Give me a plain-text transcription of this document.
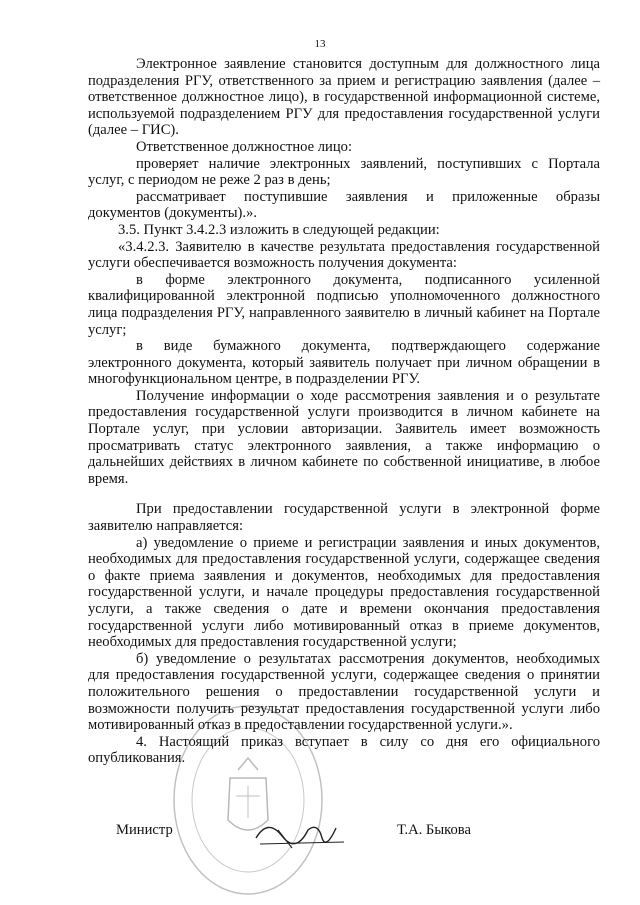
13

Электронное заявление становится доступным для должностного лица подразделения РГУ, ответственного за прием и регистрацию заявления (далее – ответственное должностное лицо), в государственной информационной системе, используемой подразделением РГУ для предоставления государственной услуги (далее – ГИС).

Ответственное должностное лицо:

проверяет наличие электронных заявлений, поступивших с Портала услуг, с периодом не реже 2 раз в день;

рассматривает поступившие заявления и приложенные образы документов (документы).».

3.5. Пункт 3.4.2.3 изложить в следующей редакции:

«3.4.2.3. Заявителю в качестве результата предоставления государственной услуги обеспечивается возможность получения документа:

в форме электронного документа, подписанного усиленной квалифицированной электронной подписью уполномоченного должностного лица подразделения РГУ, направленного заявителю в личный кабинет на Портале услуг;

в виде бумажного документа, подтверждающего содержание электронного документа, который заявитель получает при личном обращении в многофункциональном центре, в подразделении РГУ.

Получение информации о ходе рассмотрения заявления и о результате предоставления государственной услуги производится в личном кабинете на Портале услуг, при условии авторизации. Заявитель имеет возможность просматривать статус электронного заявления, а также информацию о дальнейших действиях в личном кабинете по собственной инициативе, в любое время.

При предоставлении государственной услуги в электронной форме заявителю направляется:

а) уведомление о приеме и регистрации заявления и иных документов, необходимых для предоставления государственной услуги, содержащее сведения о факте приема заявления и документов, необходимых для предоставления государственной услуги, и начале процедуры предоставления государственной услуги, а также сведения о дате и времени окончания предоставления государственной услуги либо мотивированный отказ в приеме документов, необходимых для предоставления государственной услуги;

б) уведомление о результатах рассмотрения документов, необходимых для предоставления государственной услуги, содержащее сведения о принятии положительного решения о предоставлении государственной услуги и возможности получить результат предоставления государственной услуги либо мотивированный отказ в предоставлении государственной услуги.».

4. Настоящий приказ вступает в силу со дня его официального опубликования.

Министр	Т.А. Быкова
